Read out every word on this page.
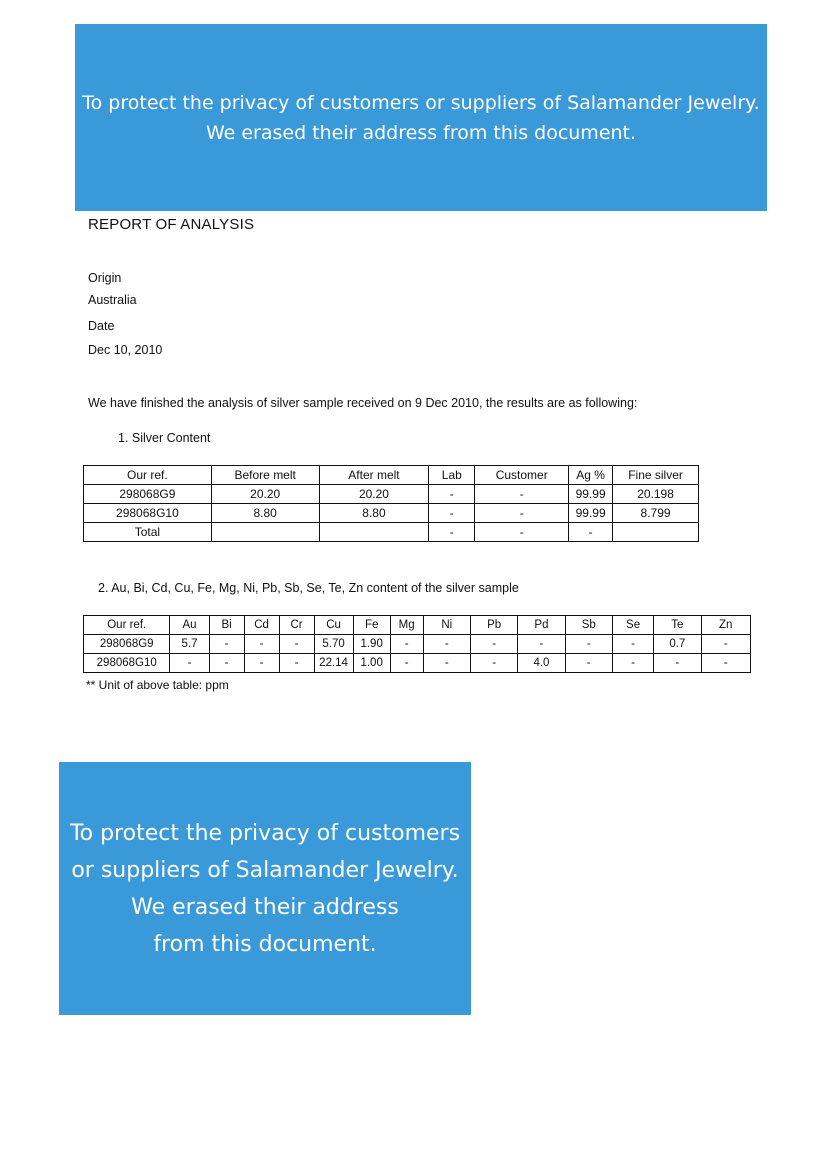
To protect the privacy of customers or suppliers of Salamander Jewelry.
We erased their address from this document.
REPORT OF ANALYSIS
Origin
Australia
Date
Dec 10, 2010
We have finished the analysis of silver sample received on 9 Dec 2010, the results are as following:
1. Silver Content
Our ref.	Before melt	After melt	Lab	Customer	Ag %	Fine silver
298068G9	20.20	20.20	-	-	99.99	20.198
298068G10	8.80	8.80	-	-	99.99	8.799
Total			-	-	-	
2. Au, Bi, Cd, Cu, Fe, Mg, Ni, Pb, Sb, Se, Te, Zn content of the silver sample
Our ref.	Au	Bi	Cd	Cr	Cu	Fe	Mg	Ni	Pb	Pd	Sb	Se	Te	Zn
298068G9	5.7	-	-	-	5.70	1.90	-	-	-	-	-	-	0.7	-
298068G10	-	-	-	-	22.14	1.00	-	-	-	4.0	-	-	-	-
** Unit of above table: ppm
To protect the privacy of customers
or suppliers of Salamander Jewelry.
We erased their address
from this document.
